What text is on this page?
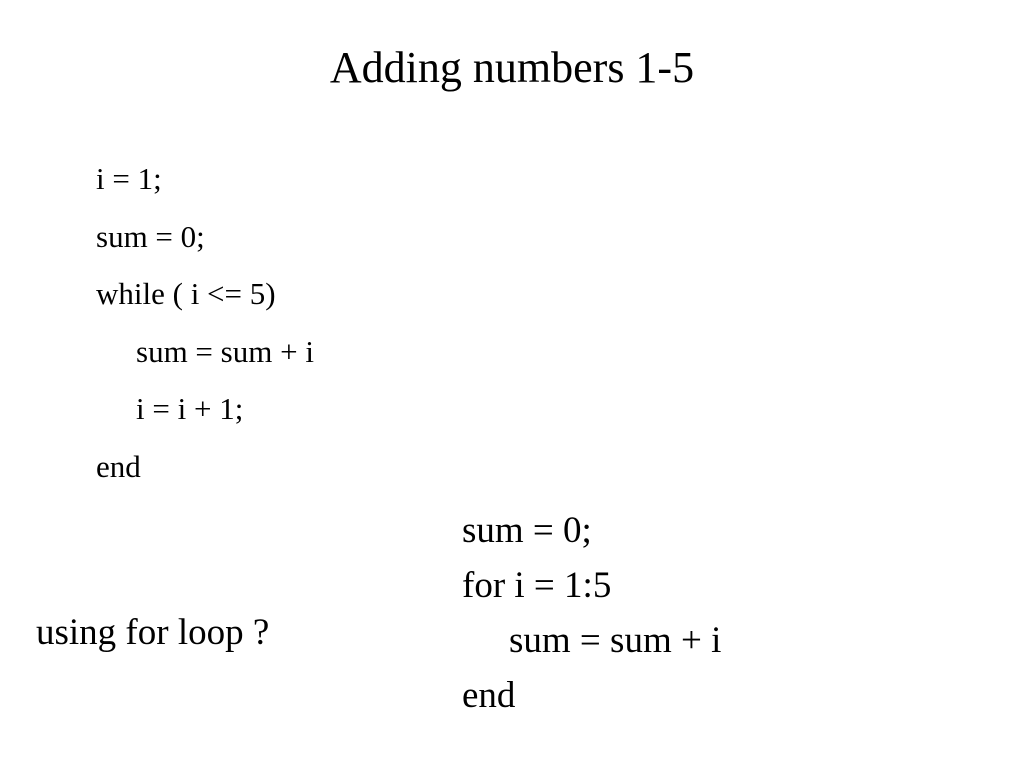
Adding numbers 1-5
i = 1;
sum = 0;
while ( i <= 5)
sum = sum + i
i = i + 1;
end
using for loop ?
sum = 0;
for i = 1:5
sum = sum + i
end
